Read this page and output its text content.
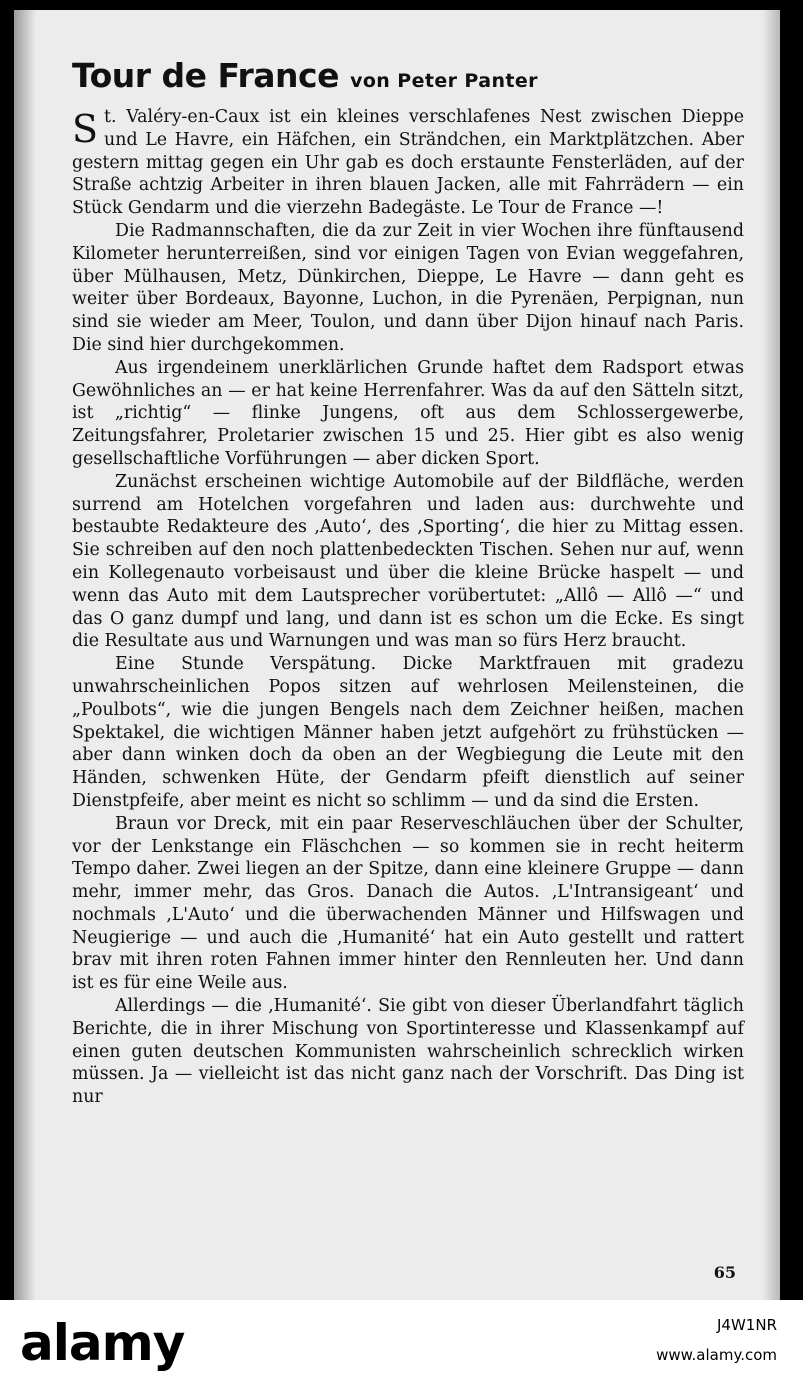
Tour de France von Peter Panter

St. Valéry-en-Caux ist ein kleines verschlafenes Nest zwischen Dieppe und Le Havre, ein Häfchen, ein Strändchen, ein Marktplätzchen. Aber gestern mittag gegen ein Uhr gab es doch erstaunte Fensterläden, auf der Straße achtzig Arbeiter in ihren blauen Jacken, alle mit Fahrrädern — ein Stück Gendarm und die vierzehn Badegäste. Le Tour de France —!

Die Radmannschaften, die da zur Zeit in vier Wochen ihre fünftausend Kilometer herunterreißen, sind vor einigen Tagen von Evian weggefahren, über Mülhausen, Metz, Dünkirchen, Dieppe, Le Havre — dann geht es weiter über Bordeaux, Bayonne, Luchon, in die Pyrenäen, Perpignan, nun sind sie wieder am Meer, Toulon, und dann über Dijon hinauf nach Paris. Die sind hier durchgekommen.

Aus irgendeinem unerklärlichen Grunde haftet dem Radsport etwas Gewöhnliches an — er hat keine Herrenfahrer. Was da auf den Sätteln sitzt, ist „richtig“ — flinke Jungens, oft aus dem Schlossergewerbe, Zeitungsfahrer, Proletarier zwischen 15 und 25. Hier gibt es also wenig gesellschaftliche Vorführungen — aber dicken Sport.

Zunächst erscheinen wichtige Automobile auf der Bildfläche, werden surrend am Hotelchen vorgefahren und laden aus: durchwehte und bestaubte Redakteure des ‚Auto‘, des ‚Sporting‘, die hier zu Mittag essen. Sie schreiben auf den noch plattenbedeckten Tischen. Sehen nur auf, wenn ein Kollegenauto vorbeisaust und über die kleine Brücke haspelt — und wenn das Auto mit dem Lautsprecher vorübertutet: „Allô — Allô —“ und das O ganz dumpf und lang, und dann ist es schon um die Ecke. Es singt die Resultate aus und Warnungen und was man so fürs Herz braucht.

Eine Stunde Verspätung. Dicke Marktfrauen mit gradezu unwahrscheinlichen Popos sitzen auf wehrlosen Meilensteinen, die „Poulbots“, wie die jungen Bengels nach dem Zeichner heißen, machen Spektakel, die wichtigen Männer haben jetzt aufgehört zu frühstücken — aber dann winken doch da oben an der Wegbiegung die Leute mit den Händen, schwenken Hüte, der Gendarm pfeift dienstlich auf seiner Dienstpfeife, aber meint es nicht so schlimm — und da sind die Ersten.

Braun vor Dreck, mit ein paar Reserveschläuchen über der Schulter, vor der Lenkstange ein Fläschchen — so kommen sie in recht heiterm Tempo daher. Zwei liegen an der Spitze, dann eine kleinere Gruppe — dann mehr, immer mehr, das Gros. Danach die Autos. ‚L'Intransigeant‘ und nochmals ‚L'Auto‘ und die überwachenden Männer und Hilfswagen und Neugierige — und auch die ‚Humanité‘ hat ein Auto gestellt und rattert brav mit ihren roten Fahnen immer hinter den Rennleuten her. Und dann ist es für eine Weile aus.

Allerdings — die ‚Humanité‘. Sie gibt von dieser Überlandfahrt täglich Berichte, die in ihrer Mischung von Sportinteresse und Klassenkampf auf einen guten deutschen Kommunisten wahrscheinlich schrecklich wirken müssen. Ja — vielleicht ist das nicht ganz nach der Vorschrift. Das Ding ist nur

65
alamy	J4W1NR
www.alamy.com
